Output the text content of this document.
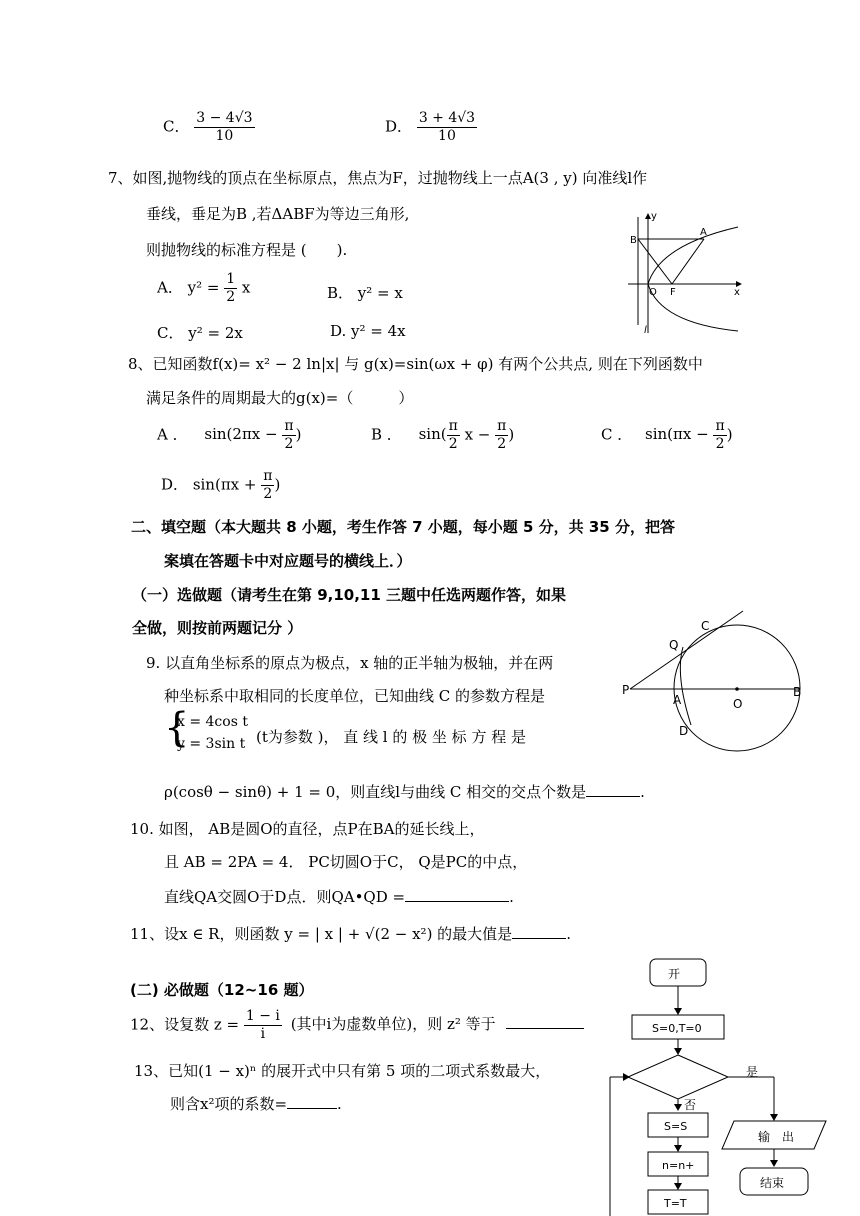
C． $\frac{3 - 4√3}{10}$	D． $\frac{3 + 4√3}{10}$
7、如图,抛物线的顶点在坐标原点，焦点为F，过抛物线上一点A(3 , y) 向准线l作
垂线，垂足为B ,若ΔABF为等边三角形,
则抛物线的标准方程是 (　　).
A． $y^2 = \frac{1}{2}$ x	B． y² = x
C． y² = 2x	D. y² = 4x
y
B
A
O F	x
l
8、已知函数f(x)= x² − 2 ln|x| 与 g(x)=sin(ωx + φ) 有两个公共点, 则在下列函数中
满足条件的周期最大的g(x)=（　　　）
A ． $\sin(2\pi x - \frac{\pi}{2}$ )	B ． $\sin( \frac{\pi}{2}$ $x - \frac{\pi}{2}$ )	C ． $\sin(\pi x - \frac{\pi}{2}$ )
D． $\sin(\pi x + \frac{\pi}{2}$ )
二、填空题（本大题共 8 小题，考生作答 7 小题，每小题 5 分，共 35 分，把答
案填在答题卡中对应题号的横线上．）
（一）选做题（请考生在第 9,10,11 三题中任选两题作答，如果
全做，则按前两题记分 ）
9. 以直角坐标系的原点为极点，x 轴的正半轴为极轴，并在两
种坐标系中取相同的长度单位，已知曲线 C 的参数方程是
{
x = 4cos t
y = 3sin t (t为参数 )， 直 线 l 的 极 坐 标 方 程 是
ρ(cosθ − sinθ) + 1 = 0，则直线l与曲线 C 相交的交点个数是	.
P
Q
C
A	O
B
D
10. 如图， AB是圆O的直径，点P在BA的延长线上，
且 AB = 2PA = 4． PC切圆O于C， Q是PC的中点，
直线QA交圆O于D点．则QA•QD =	.
11、设x ∈ R，则函数 y = | x | + √(2 − x²) 的最大值是	.
(二) 必做题（12~16 题）
12、设复数 $z = \frac{1 - i}{i}$ (其中i为虚数单位)，则 z² 等于
13、已知(1 − x)ⁿ 的展开式中只有第 5 项的二项式系数最大，
则含x²项的系数=	.
开
S=0,T=0
是
否
S=S
n=n+
T=T
输　出
结束
